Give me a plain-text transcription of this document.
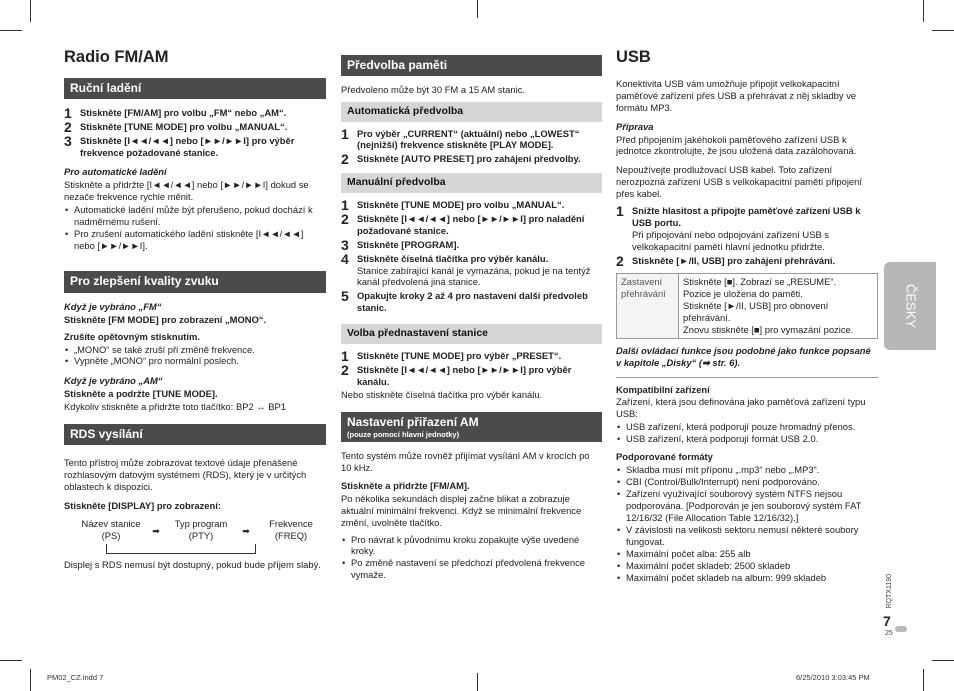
Radio FM/AM
Ruční ladění
1 Stiskněte [FM/AM] pro volbu „FM“ nebo „AM“.
2 Stiskněte [TUNE MODE] pro volbu „MANUAL“.
3 Stiskněte [I◄◄/◄◄] nebo [►►/►►I] pro výběr frekvence požadované stanice.

Pro automatické ladění

Stiskněte a přidržte [I◄◄/◄◄] nebo [►►/►►I] dokud se nezače frekvence rychle měnit.

• Automatické ladění může být přerušeno, pokud dochází k nadměrnému rušení.
• Pro zrušení automatického ladění stiskněte [I◄◄/◄◄] nebo [►►/►►I].
Pro zlepšení kvality zvuku

Když je vybráno „FM“

Stiskněte [FM MODE] pro zobrazení „MONO“.

Zrušíte opětovným stisknutím.

• „MONO“ se také zruší při změně frekvence.
• Vypněte „MONO“ pro normální poslech.

Když je vybráno „AM“

Stiskněte a podržte [TUNE MODE].

Kdykoliv stiskněte a přidržte toto tlačítko: BP2 ↔ BP1

RDS vysílání

Tento přístroj může zobrazovat textové údaje přenášené rozhlasovým datovým systémem (RDS), který je v určitých oblastech k dispozici.

Stiskněte [DISPLAY] pro zobrazení:

Název stanice
(PS)	➡
Typ program
(PTY)	➡
Frekvence
(FREQ)

Displej s RDS nemusí být dostupný, pokud bude příjem slabý.

Předvolba paměti

Předvoleno může být 30 FM a 15 AM stanic.

Automatická předvolba
1 Pro výběr „CURRENT“ (aktuální) nebo „LOWEST“ (nejnižší) frekvence stiskněte [PLAY MODE].
2 Stiskněte [AUTO PRESET] pro zahájení předvolby.
Manuální předvolba
1 Stiskněte [TUNE MODE] pro volbu „MANUAL“.
2 Stiskněte [I◄◄/◄◄] nebo [►►/►►I] pro naladění požadované stanice.
3 Stiskněte [PROGRAM].
4 Stiskněte číselná tlačítka pro výběr kanálu.
Stanice zabírající kanál je vymazána, pokud je na tentýž kanál předvolená jiná stanice.
5 Opakujte kroky 2 až 4 pro nastavení další předvoleb stanic.
Volba přednastavení stanice
1 Stiskněte [TUNE MODE] pro výběr „PRESET“.
2 Stiskněte [I◄◄/◄◄] nebo [►►/►►I] pro výběr kanálu.

Nebo stiskněte číselná tlačítka pro výběr kanálu.

Nastavení přiřazení AM
(pouze pomocí hlavní jednotky)

Tento systém může rovněž přijímat vysílání AM v krocích po 10 kHz.

Stiskněte a přidržte [FM/AM].

Po několika sekundách displej začne blikat a zobrazuje aktuální minimální frekvenci. Když se minimální frekvence změní, uvolněte tlačítko.

• Pro návrat k původnímu kroku zopakujte výše uvedené kroky.
• Po změně nastavení se předchozí předvolená frekvence vymaže.
USB

Konektivita USB vám umožňuje připojit velkokapacitní paměťové zařízení přes USB a přehrávat z něj skladby ve formátu MP3.

Příprava

Před připojením jakéhokoli paměťového zařízení USB k jednotce zkontrolujte, že jsou uložená data zazálohovaná.

Nepoužívejte prodlužovací USB kabel. Toto zařízení nerozpozná zařízení USB s velkokapacitní pamětí připojení přes kabel.

1 Snižte hlasitost a připojte paměťové zařízení USB k USB portu.
Při připojování nebo odpojování zařízení USB s velkokapacitní pamětí hlavní jednotku přidržte.
2 Stiskněte [►/II, USB] pro zahájení přehrávání.
Zastavení přehrávání	
Stiskněte [■]. Zobrazí se „RESUME“.
Pozice je uložena do paměti.
Stiskněte [►/II, USB] pro obnovení přehrávání.
Znovu stiskněte [■] pro vymazání pozice.

Další ovládací funkce jsou podobné jako funkce popsané v kapitole „Disky“ (➡ str. 6).

Kompatibilní zařízení

Zařízení, která jsou definována jako paměťová zařízení typu USB:

• USB zařízení, která podporují pouze hromadný přenos.
• USB zařízení, která podporují formát USB 2.0.

Podporované formáty

• Skladba musí mít příponu „.mp3“ nebo „.MP3“.
• CBI (Control/Bulk/Interrupt) není podporováno.
• Zařízení využívající souborový systém NTFS nejsou podporována. [Podporován je jen souborový systém FAT 12/16/32 (File Allocation Table 12/16/32).]
• V závislosti na velikosti sektoru nemusí některé soubory fungovat.
• Maximální počet alba: 255 alb
• Maximální počet skladeb: 2500 skladeb
• Maximální počet skladeb na album: 999 skladeb
ČESKY
RQTX1190
7
25
PM02_CZ.indd 7	6/25/2010 3:03:45 PM
